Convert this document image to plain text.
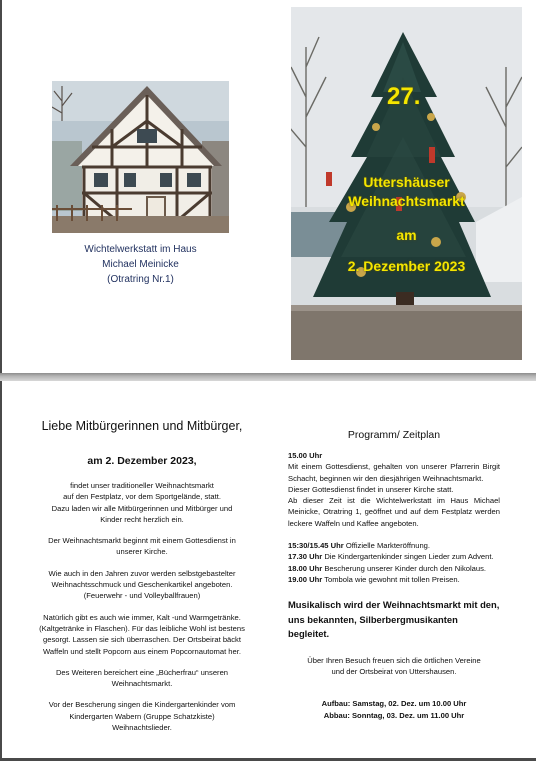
Wichtelwerkstatt im Haus
Michael Meinicke
(Otratring Nr.1)
27.
Uttershäuser
Weihnachtsmarkt
am
2. Dezember 2023
Liebe Mitbürgerinnen und Mitbürger,
am 2. Dezember 2023,

findet unser traditioneller Weihnachtsmarkt
auf den Festplatz, vor dem Sportgelände, statt.
Dazu laden wir alle Mitbürgerinnen und Mitbürger und
Kinder recht herzlich ein.

Der Weihnachtsmarkt beginnt mit einem Gottesdienst in
unserer Kirche.

Wie auch in den Jahren zuvor werden selbstgebastelter
Weihnachtsschmuck und Geschenkartikel angeboten.
(Feuerwehr - und Volleyballfrauen)

Natürlich gibt es auch wie immer, Kalt -und Warmgetränke.
(Kaltgetränke in Flaschen). Für das leibliche Wohl ist bestens
gesorgt. Lassen sie sich überraschen. Der Ortsbeirat bäckt
Waffeln und stellt Popcorn aus einem Popcornautomat her.

Des Weiteren bereichert eine „Bücherfrau“ unseren
Weihnachtsmarkt.

Vor der Bescherung singen die Kindergartenkinder vom
Kindergarten Wabern (Gruppe Schatzkiste)
Weihnachtslieder.

Programm/ Zeitplan

15.00 Uhr

Mit einem Gottesdienst, gehalten von unserer Pfarrerin Birgit Schacht, beginnen wir den diesjährigen Weihnachtsmarkt.

Dieser Gottesdienst findet in unserer Kirche statt.

Ab dieser Zeit ist die Wichtelwerkstatt im Haus Michael Meinicke, Otratring 1, geöffnet und auf dem Festplatz werden leckere Waffeln und Kaffee angeboten.

15:30/15.45 Uhr Offizielle Markteröffnung.

17.30 Uhr Die Kindergartenkinder singen Lieder zum Advent.

18.00 Uhr Bescherung unserer Kinder durch den Nikolaus.

19.00 Uhr Tombola wie gewohnt mit tollen Preisen.

Musikalisch wird der Weihnachtsmarkt mit den, uns bekannten, Silberbergmusikanten begleitet.

Über Ihren Besuch freuen sich die örtlichen Vereine
und der Ortsbeirat von Uttershausen.
Aufbau: Samstag, 02. Dez. um 10.00 Uhr
Abbau: Sonntag, 03. Dez. um 11.00 Uhr
